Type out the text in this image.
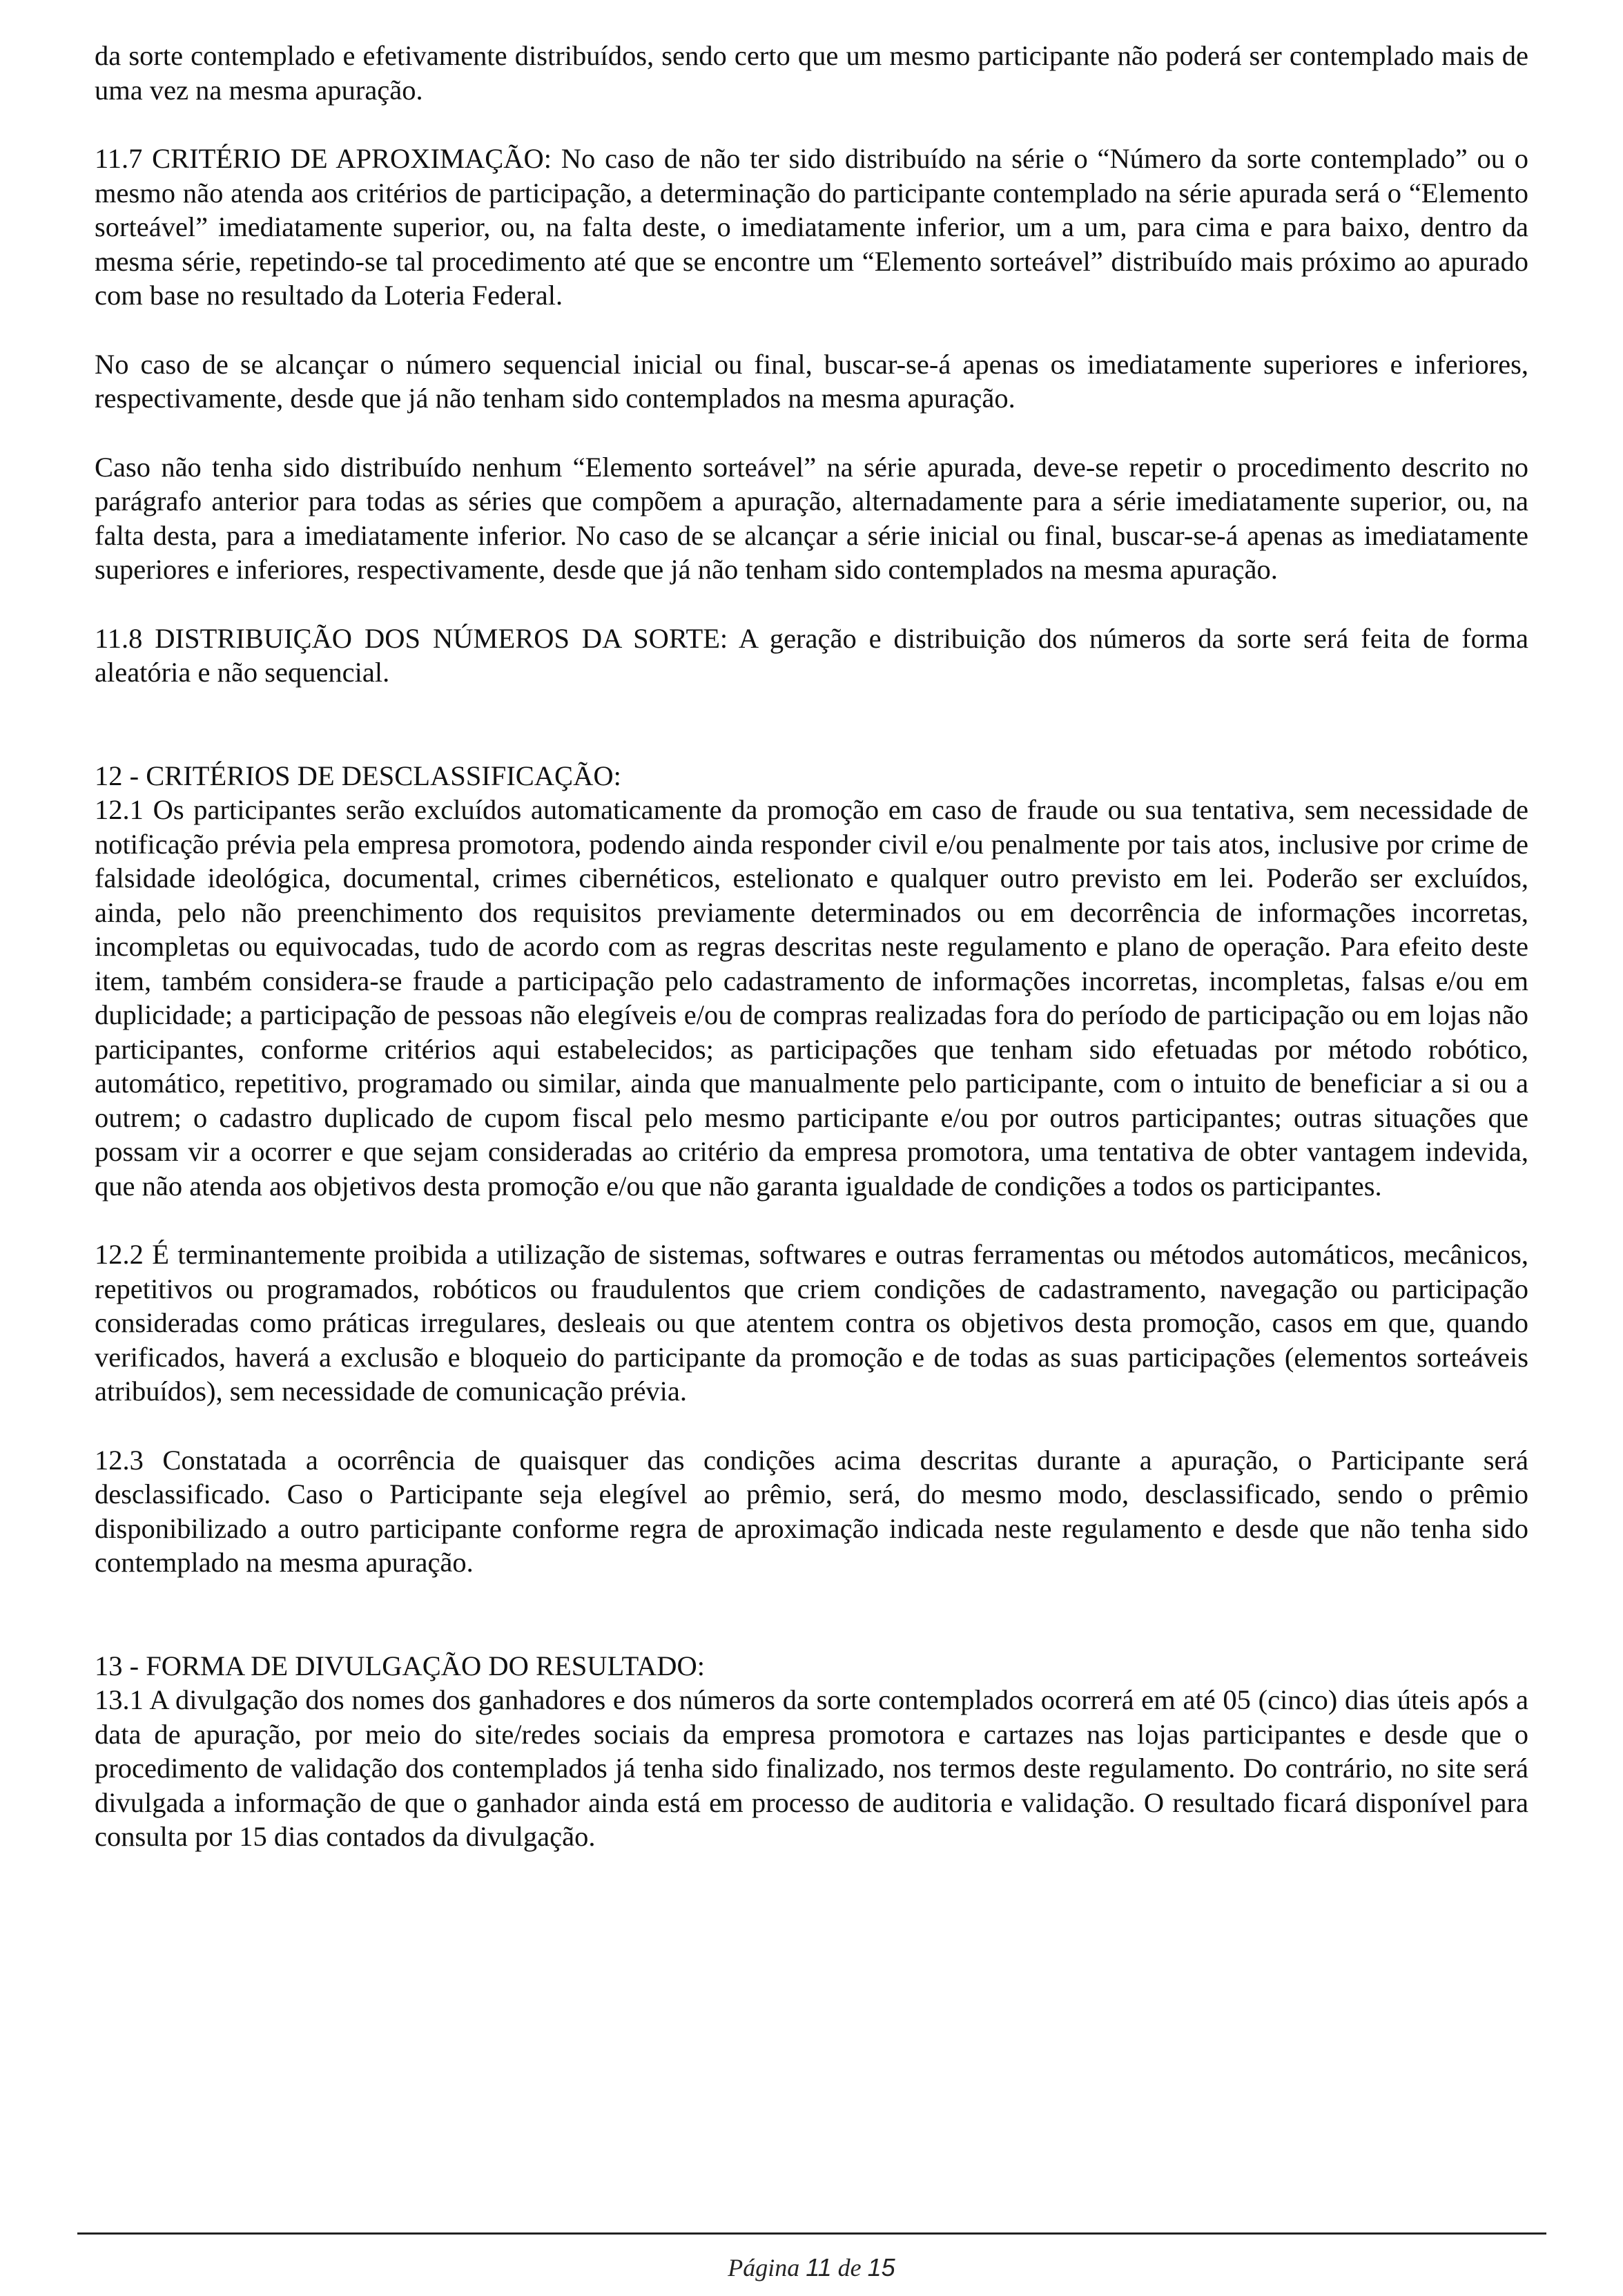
da sorte contemplado e efetivamente distribuídos, sendo certo que um mesmo participante não poderá ser contemplado mais de uma vez na mesma apuração.

11.7 CRITÉRIO DE APROXIMAÇÃO: No caso de não ter sido distribuído na série o “Número da sorte contemplado” ou o mesmo não atenda aos critérios de participação, a determinação do participante contemplado na série apurada será o “Elemento sorteável” imediatamente superior, ou, na falta deste, o imediatamente inferior, um a um, para cima e para baixo, dentro da mesma série, repetindo-se tal procedimento até que se encontre um “Elemento sorteável” distribuído mais próximo ao apurado com base no resultado da Loteria Federal.

No caso de se alcançar o número sequencial inicial ou final, buscar-se-á apenas os imediatamente superiores e inferiores, respectivamente, desde que já não tenham sido contemplados na mesma apuração.

Caso não tenha sido distribuído nenhum “Elemento sorteável” na série apurada, deve-se repetir o procedimento descrito no parágrafo anterior para todas as séries que compõem a apuração, alternadamente para a série imediatamente superior, ou, na falta desta, para a imediatamente inferior. No caso de se alcançar a série inicial ou final, buscar-se-á apenas as imediatamente superiores e inferiores, respectivamente, desde que já não tenham sido contemplados na mesma apuração.

11.8 DISTRIBUIÇÃO DOS NÚMEROS DA SORTE: A geração e distribuição dos números da sorte será feita de forma aleatória e não sequencial.

12 - CRITÉRIOS DE DESCLASSIFICAÇÃO:

12.1 Os participantes serão excluídos automaticamente da promoção em caso de fraude ou sua tentativa, sem necessidade de notificação prévia pela empresa promotora, podendo ainda responder civil e/ou penalmente por tais atos, inclusive por crime de falsidade ideológica, documental, crimes cibernéticos, estelionato e qualquer outro previsto em lei. Poderão ser excluídos, ainda, pelo não preenchimento dos requisitos previamente determinados ou em decorrência de informações incorretas, incompletas ou equivocadas, tudo de acordo com as regras descritas neste regulamento e plano de operação. Para efeito deste item, também considera-se fraude a participação pelo cadastramento de informações incorretas, incompletas, falsas e/ou em duplicidade; a participação de pessoas não elegíveis e/ou de compras realizadas fora do período de participação ou em lojas não participantes, conforme critérios aqui estabelecidos; as participações que tenham sido efetuadas por método robótico, automático, repetitivo, programado ou similar, ainda que manualmente pelo participante, com o intuito de beneficiar a si ou a outrem; o cadastro duplicado de cupom fiscal pelo mesmo participante e/ou por outros participantes; outras situações que possam vir a ocorrer e que sejam consideradas ao critério da empresa promotora, uma tentativa de obter vantagem indevida, que não atenda aos objetivos desta promoção e/ou que não garanta igualdade de condições a todos os participantes.

12.2 É terminantemente proibida a utilização de sistemas, softwares e outras ferramentas ou métodos automáticos, mecânicos, repetitivos ou programados, robóticos ou fraudulentos que criem condições de cadastramento, navegação ou participação consideradas como práticas irregulares, desleais ou que atentem contra os objetivos desta promoção, casos em que, quando verificados, haverá a exclusão e bloqueio do participante da promoção e de todas as suas participações (elementos sorteáveis atribuídos), sem necessidade de comunicação prévia.

12.3 Constatada a ocorrência de quaisquer das condições acima descritas durante a apuração, o Participante será desclassificado. Caso o Participante seja elegível ao prêmio, será, do mesmo modo, desclassificado, sendo o prêmio disponibilizado a outro participante conforme regra de aproximação indicada neste regulamento e desde que não tenha sido contemplado na mesma apuração.

13 - FORMA DE DIVULGAÇÃO DO RESULTADO:

13.1 A divulgação dos nomes dos ganhadores e dos números da sorte contemplados ocorrerá em até 05 (cinco) dias úteis após a data de apuração, por meio do site/redes sociais da empresa promotora e cartazes nas lojas participantes e desde que o procedimento de validação dos contemplados já tenha sido finalizado, nos termos deste regulamento. Do contrário, no site será divulgada a informação de que o ganhador ainda está em processo de auditoria e validação. O resultado ficará disponível para consulta por 15 dias contados da divulgação.

Página 11 de 15
